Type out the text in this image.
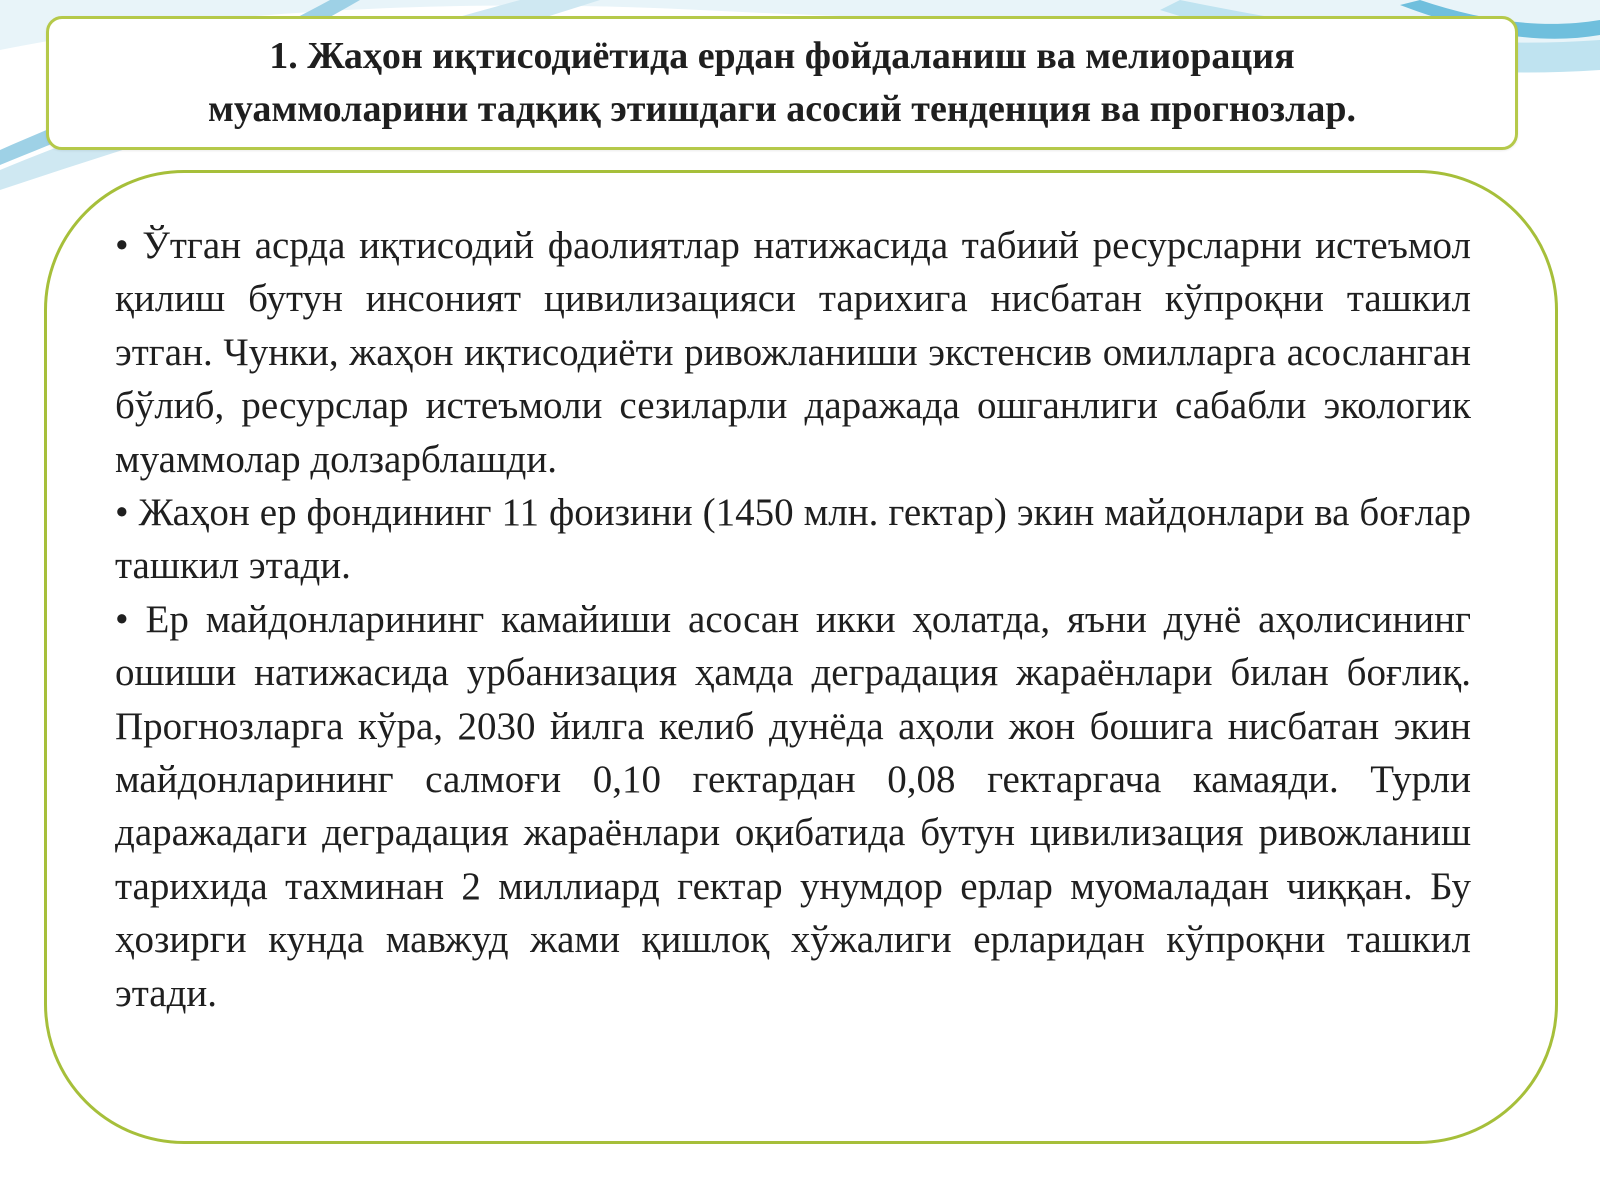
1. Жаҳон иқтисодиётида ердан фойдаланиш ва мелиорация
муаммоларини тадқиқ этишдаги асосий тенденция ва прогнозлар.

• Ўтган асрда иқтисодий фаолиятлар натижасида табиий ресурсларни истеъмол қилиш бутун инсоният цивилизацияси тарихига нисбатан кўпроқни ташкил этган. Чунки, жаҳон иқтисодиёти ривожланиши экстенсив омилларга асосланган бўлиб, ресурслар истеъмоли сезиларли даражада ошганлиги сабабли экологик муаммолар долзарблашди.

• Жаҳон ер фондининг 11 фоизини (1450 млн. гектар) экин майдонлари ва боғлар ташкил этади.

• Ер майдонларининг камайиши асосан икки ҳолатда, яъни дунё аҳолисининг ошиши натижасида урбанизация ҳамда деградация жараёнлари билан боғлиқ. Прогнозларга кўра, 2030 йилга келиб дунёда аҳоли жон бошига нисбатан экин майдонларининг салмоғи 0,10 гектардан 0,08 гектаргача камаяди. Турли даражадаги деградация жараёнлари оқибатида бутун цивилизация ривожланиш тарихида тахминан 2 миллиард гектар унумдор ерлар муомаладан чиққан. Бу ҳозирги кунда мавжуд жами қишлоқ хўжалиги ерларидан кўпроқни ташкил этади.
